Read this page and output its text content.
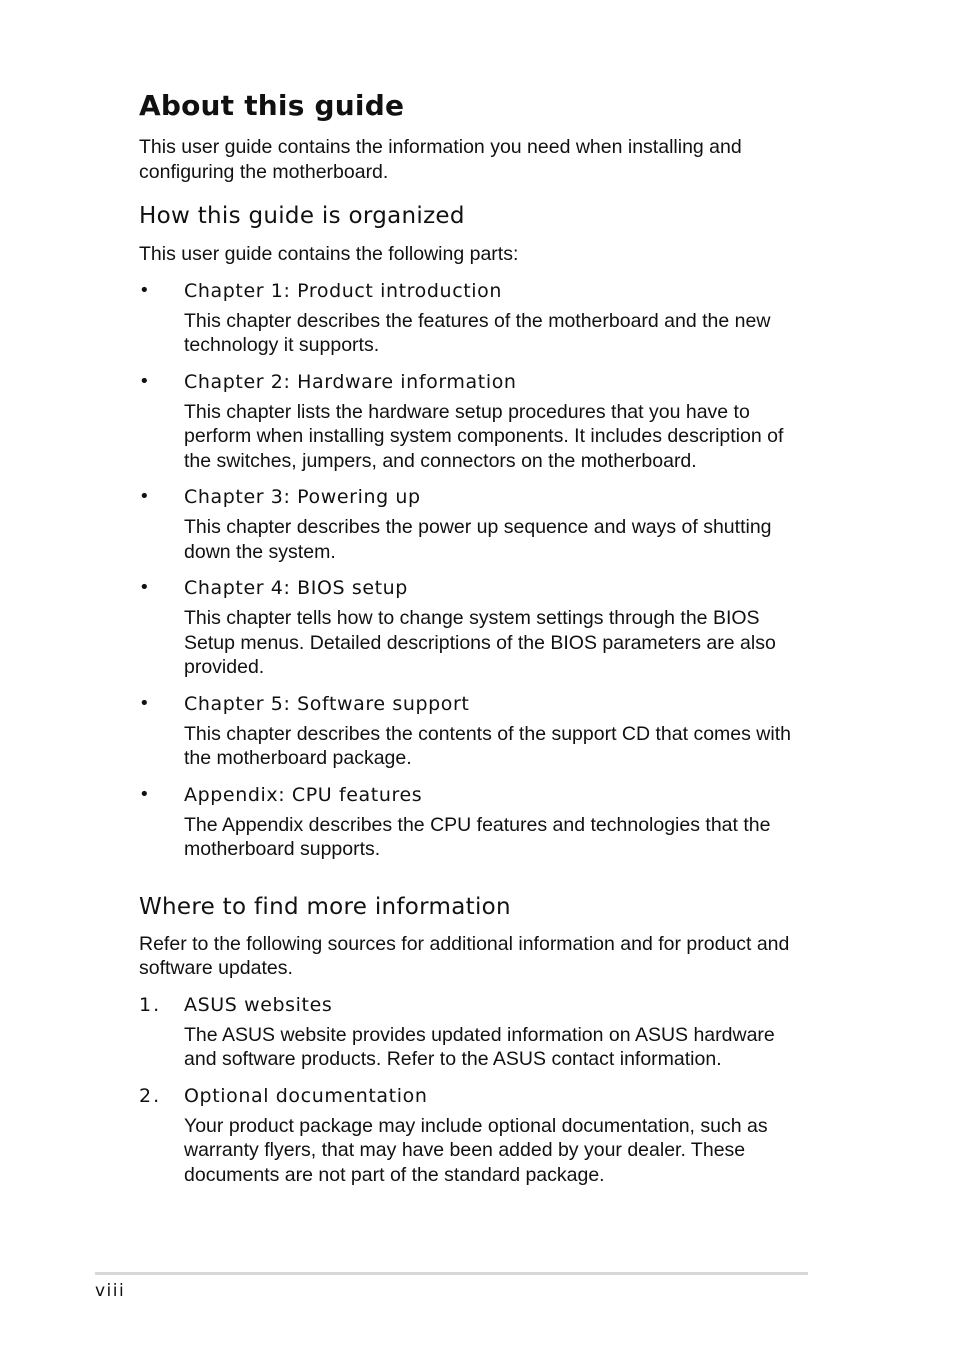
About this guide

This user guide contains the information you need when installing and configuring the motherboard.

How this guide is organized

This user guide contains the following parts:

•	Chapter 1: Product introduction

This chapter describes the features of the motherboard and the new technology it supports.

•	Chapter 2: Hardware information

This chapter lists the hardware setup procedures that you have to perform when installing system components. It includes description of the switches, jumpers, and connectors on the motherboard.

•	Chapter 3: Powering up

This chapter describes the power up sequence and ways of shutting down the system.

•	Chapter 4: BIOS setup

This chapter tells how to change system settings through the BIOS Setup menus. Detailed descriptions of the BIOS parameters are also provided.

•	Chapter 5: Software support

This chapter describes the contents of the support CD that comes with the motherboard package.

•	Appendix: CPU features

The Appendix describes the CPU features and technologies that the motherboard supports.

Where to find more information

Refer to the following sources for additional information and for product and software updates.

1.	ASUS websites

The ASUS website provides updated information on ASUS hardware and software products. Refer to the ASUS contact information.

2.	Optional documentation

Your product package may include optional documentation, such as warranty flyers, that may have been added by your dealer. These documents are not part of the standard package.

viii
